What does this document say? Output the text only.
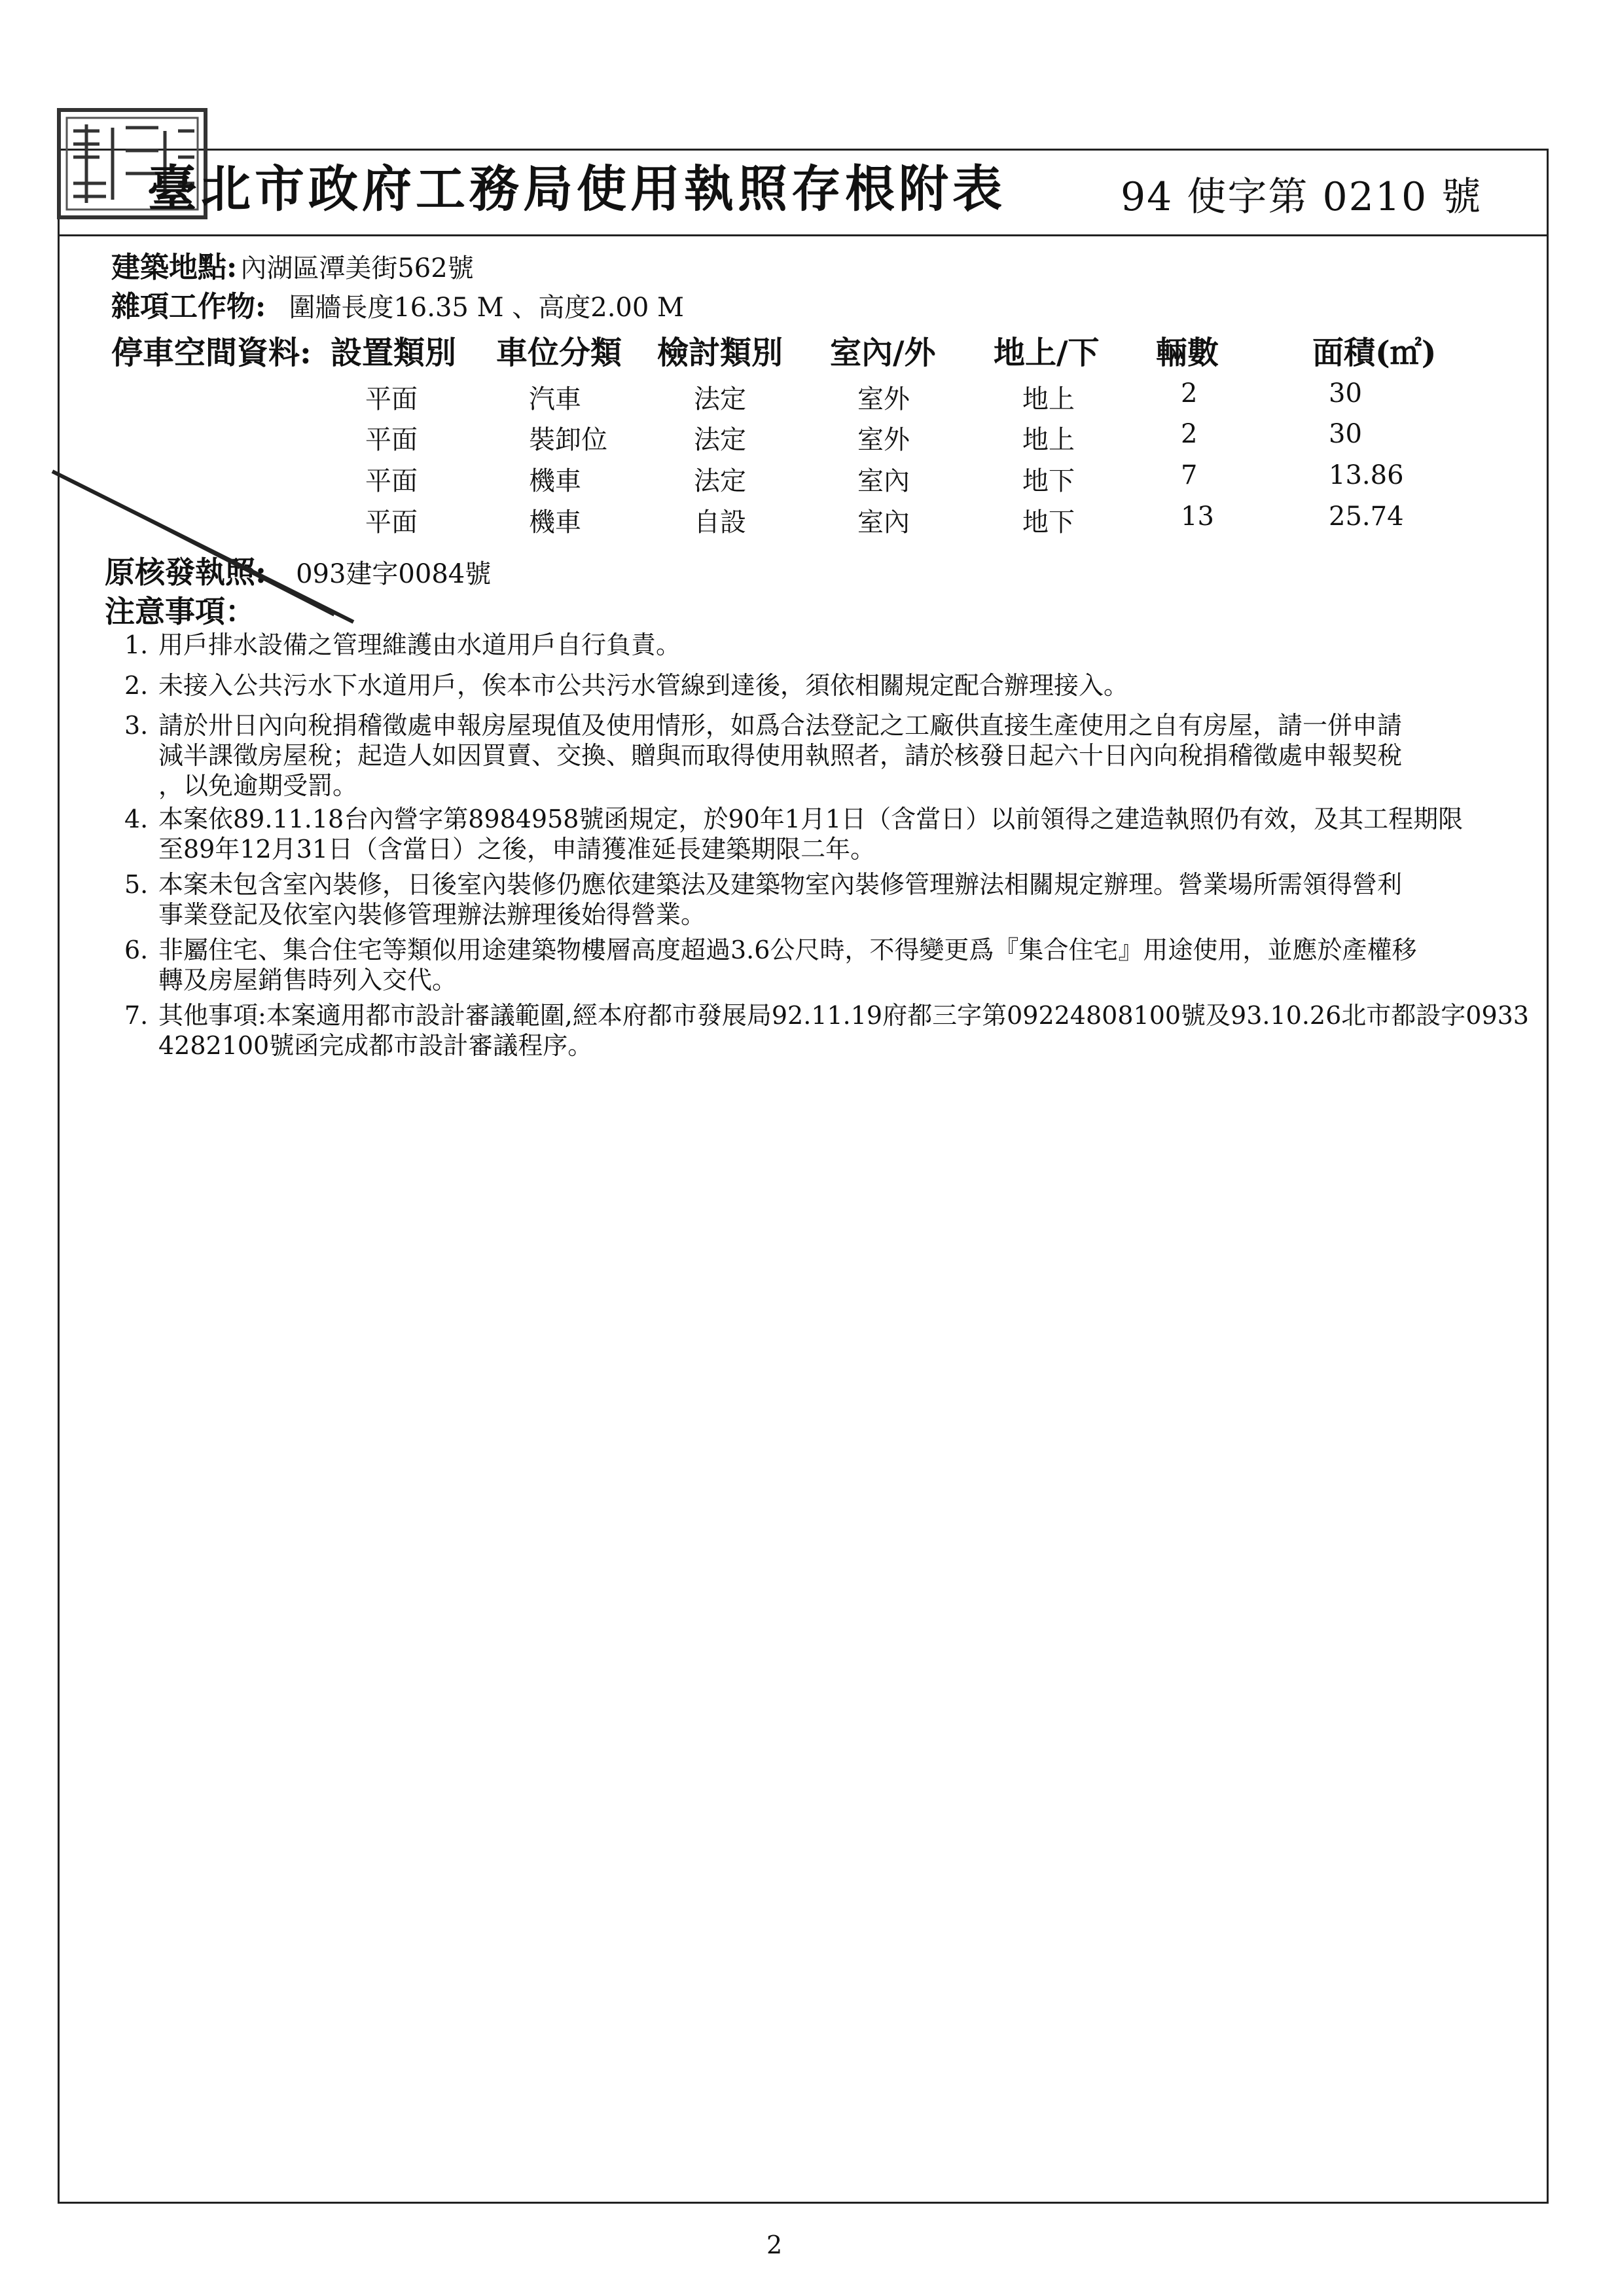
臺北市政府工務局使用執照存根附表	94 使字第 0210 號
建築地點: 內湖區潭美街562號
雜項工作物: 圍牆長度16.35 M 、高度2.00 M
停車空間資料: 設置類別 車位分類 檢討類別 室內/外 地上/下 輛數	面積(㎡)
平面	汽車	法定	室外	地上	2	30
平面	裝卸位	法定	室外	地上	2	30
平面	機車	法定	室內	地下	7	13.86
平面	機車	自設	室內	地下	13	25.74
原核發執照: 093建字0084號
注意事項：
1. 用戶排水設備之管理維護由水道用戶自行負責。
2. 未接入公共污水下水道用戶，俟本市公共污水管線到達後，須依相關規定配合辦理接入。
3. 請於卅日內向稅捐稽徵處申報房屋現值及使用情形，如爲合法登記之工廠供直接生產使用之自有房屋，請一併申請
減半課徵房屋稅；起造人如因買賣、交換、贈與而取得使用執照者，請於核發日起六十日內向稅捐稽徵處申報契稅
，以免逾期受罰。
4. 本案依89.11.18台內營字第8984958號函規定，於90年1月1日（含當日）以前領得之建造執照仍有效，及其工程期限
至89年12月31日（含當日）之後，申請獲准延長建築期限二年。
5. 本案未包含室內裝修，日後室內裝修仍應依建築法及建築物室內裝修管理辦法相關規定辦理。營業場所需領得營利
事業登記及依室內裝修管理辦法辦理後始得營業。
6. 非屬住宅、集合住宅等類似用途建築物樓層高度超過3.6公尺時，不得變更爲『集合住宅』用途使用，並應於產權移
轉及房屋銷售時列入交代。
7. 其他事項:本案適用都市設計審議範圍,經本府都市發展局92.11.19府都三字第09224808100號及93.10.26北市都設字0933
4282100號函完成都市設計審議程序。
2
